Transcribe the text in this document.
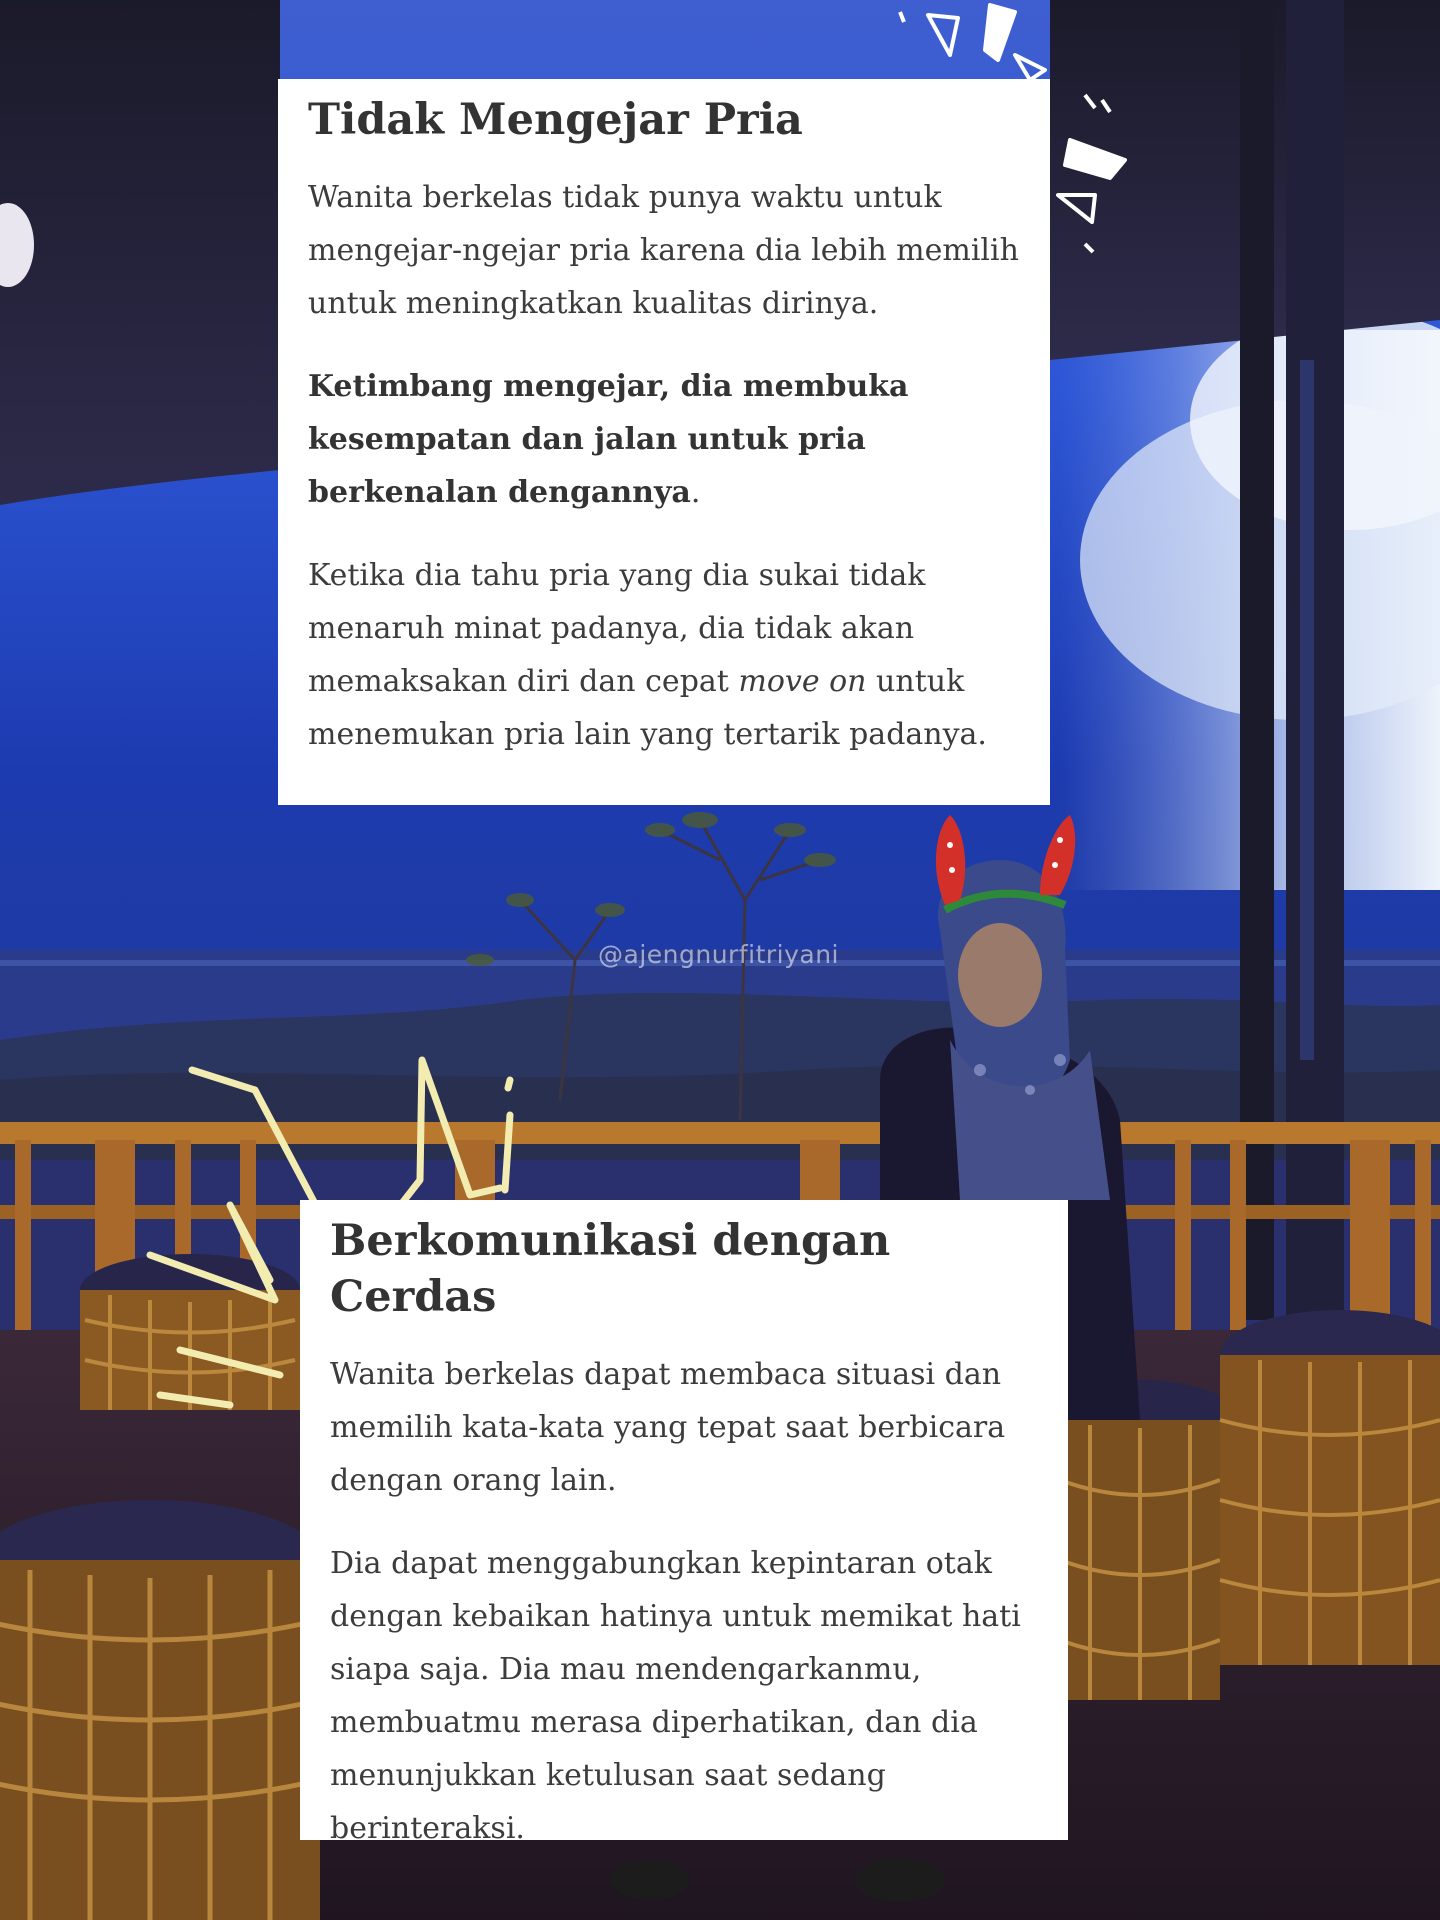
@ajengnurfitriyani
Tidak Mengejar Pria

Wanita berkelas tidak punya waktu untuk mengejar-ngejar pria karena dia lebih memilih untuk meningkatkan kualitas dirinya.

Ketimbang mengejar, dia membuka kesempatan dan jalan untuk pria berkenalan dengannya.

Ketika dia tahu pria yang dia sukai tidak menaruh minat padanya, dia tidak akan memaksakan diri dan cepat move on untuk menemukan pria lain yang tertarik padanya.

Berkomunikasi dengan Cerdas

Wanita berkelas dapat membaca situasi dan memilih kata-kata yang tepat saat berbicara dengan orang lain.

Dia dapat menggabungkan kepintaran otak dengan kebaikan hatinya untuk memikat hati siapa saja. Dia mau mendengarkanmu, membuatmu merasa diperhatikan, dan dia menunjukkan ketulusan saat sedang berinteraksi.
